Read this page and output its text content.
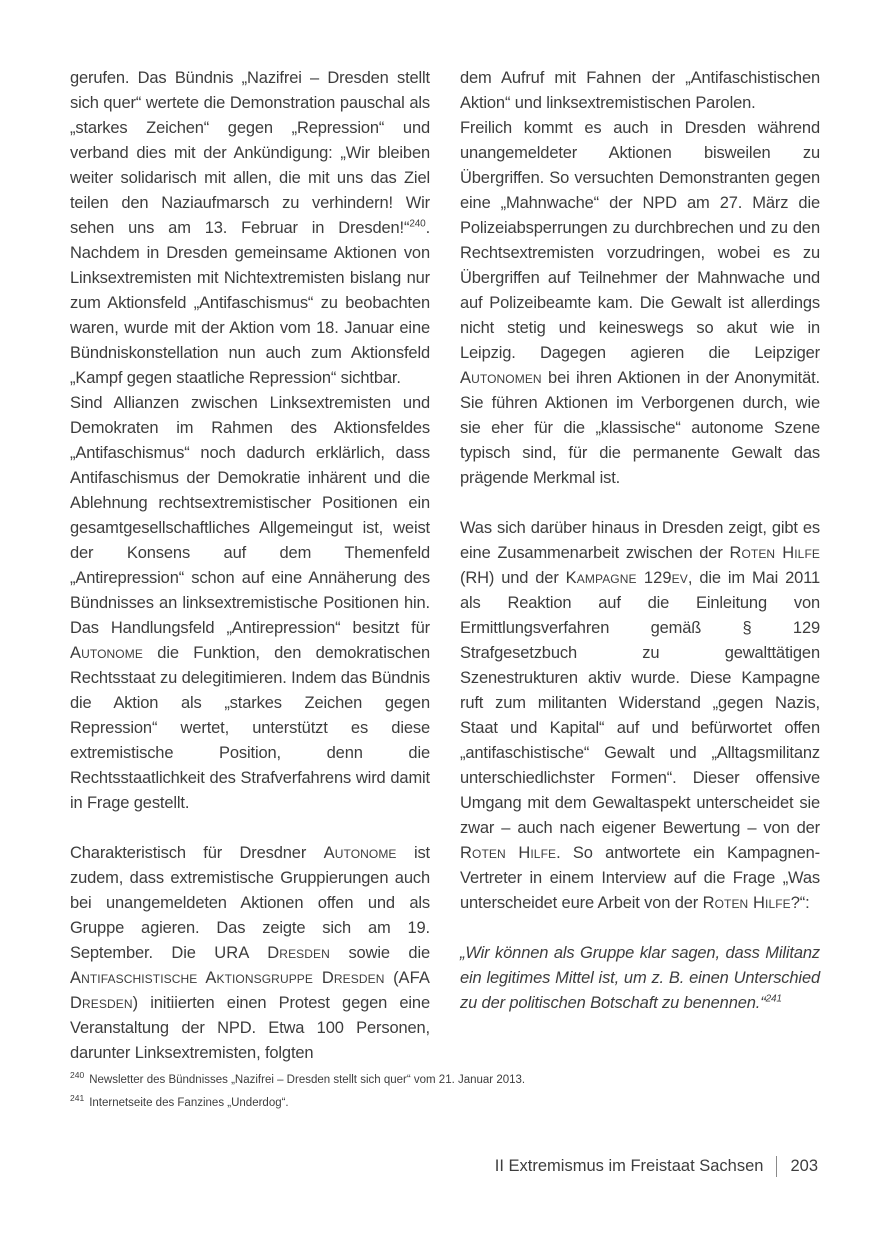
gerufen. Das Bündnis „Nazifrei – Dresden stellt sich quer“ wertete die Demonstration pauschal als „starkes Zeichen“ gegen „Repression“ und verband dies mit der Ankündigung: „Wir bleiben weiter solidarisch mit allen, die mit uns das Ziel teilen den Naziaufmarsch zu verhindern! Wir sehen uns am 13. Februar in Dresden!“$^{240}$. Nachdem in Dresden gemeinsame Aktionen von Linksextremisten mit Nichtextremisten bislang nur zum Aktionsfeld „Antifaschismus“ zu beobachten waren, wurde mit der Aktion vom 18. Januar eine Bündniskonstellation nun auch zum Aktionsfeld „Kampf gegen staatliche Repression“ sichtbar.

Sind Allianzen zwischen Linksextremisten und Demokraten im Rahmen des Aktionsfeldes „Antifaschismus“ noch dadurch erklärlich, dass Antifaschismus der Demokratie inhärent und die Ablehnung rechtsextremistischer Positionen ein gesamtgesellschaftliches Allgemeingut ist, weist der Konsens auf dem Themenfeld „Antirepression“ schon auf eine Annäherung des Bündnisses an linksextremistische Positionen hin. Das Handlungsfeld „Antirepression“ besitzt für Autonome die Funktion, den demokratischen Rechtsstaat zu delegitimieren. Indem das Bündnis die Aktion als „starkes Zeichen gegen Repression“ wertet, unterstützt es diese extremistische Position, denn die Rechtsstaatlichkeit des Strafverfahrens wird damit in Frage gestellt.

Charakteristisch für Dresdner Autonome ist zudem, dass extremistische Gruppierungen auch bei unangemeldeten Aktionen offen und als Gruppe agieren. Das zeigte sich am 19. September. Die URA Dresden sowie die Antifaschistische Aktionsgruppe Dresden (AFA Dresden) initiierten einen Protest gegen eine Veranstaltung der NPD. Etwa 100 Personen, darunter Linksextremisten, folgten

dem Aufruf mit Fahnen der „Antifaschistischen Aktion“ und linksextremistischen Parolen.

Freilich kommt es auch in Dresden während unangemeldeter Aktionen bisweilen zu Übergriffen. So versuchten Demonstranten gegen eine „Mahnwache“ der NPD am 27. März die Polizeiabsperrungen zu durchbrechen und zu den Rechtsextremisten vorzudringen, wobei es zu Übergriffen auf Teilnehmer der Mahnwache und auf Polizeibeamte kam. Die Gewalt ist allerdings nicht stetig und keineswegs so akut wie in Leipzig. Dagegen agieren die Leipziger Autonomen bei ihren Aktionen in der Anonymität. Sie führen Aktionen im Verborgenen durch, wie sie eher für die „klassische“ autonome Szene typisch sind, für die permanente Gewalt das prägende Merkmal ist.

Was sich darüber hinaus in Dresden zeigt, gibt es eine Zusammenarbeit zwischen der Roten Hilfe (RH) und der Kampagne 129ev, die im Mai 2011 als Reaktion auf die Einleitung von Ermittlungsverfahren gemäß § 129 Strafgesetzbuch zu gewalttätigen Szenestrukturen aktiv wurde. Diese Kampagne ruft zum militanten Widerstand „gegen Nazis, Staat und Kapital“ auf und befürwortet offen „antifaschistische“ Gewalt und „Alltagsmilitanz unterschiedlichster Formen“. Dieser offensive Umgang mit dem Gewaltaspekt unterscheidet sie zwar – auch nach eigener Bewertung – von der Roten Hilfe. So antwortete ein Kampagnen-Vertreter in einem Interview auf die Frage „Was unterscheidet eure Arbeit von der Roten Hilfe?“:

„Wir können als Gruppe klar sagen, dass Militanz ein legitimes Mittel ist, um z. B. einen Unterschied zu der politischen Botschaft zu benennen.“$^{241}$

$^{240}$ Newsletter des Bündnisses „Nazifrei – Dresden stellt sich quer“ vom 21. Januar 2013.

$^{241}$ Internetseite des Fanzines „Underdog“.

II Extremismus im Freistaat Sachsen 203
